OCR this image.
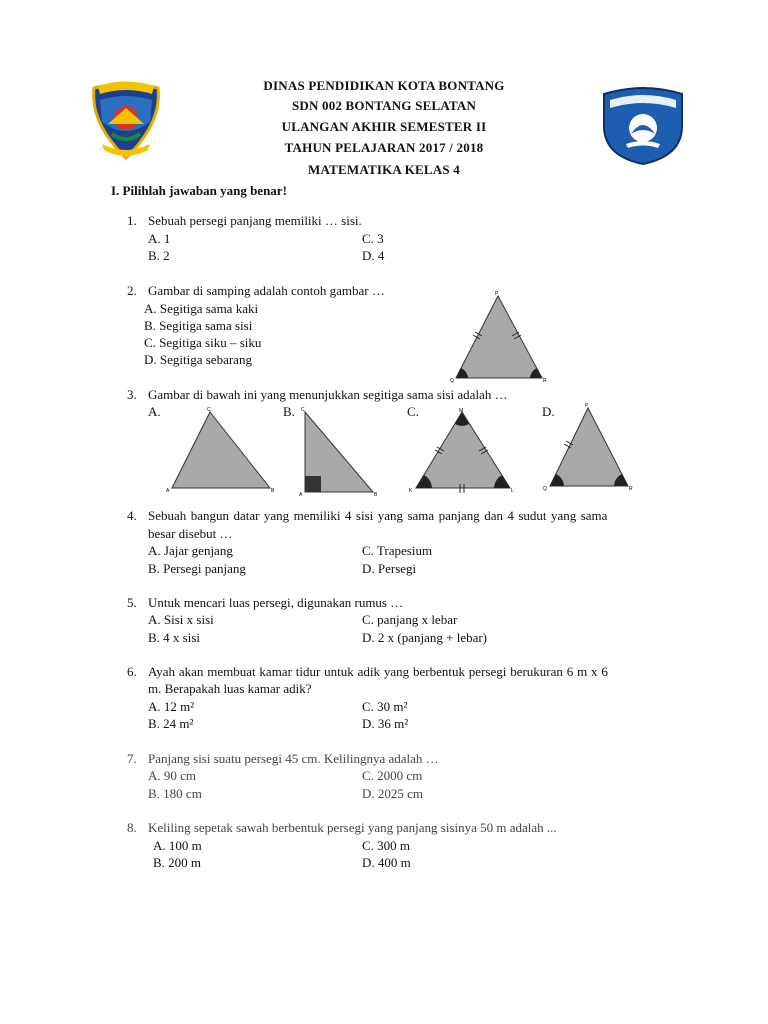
DINAS PENDIDIKAN KOTA BONTANG
SDN 002 BONTANG SELATAN
ULANGAN AKHIR SEMESTER II
TAHUN PELAJARAN 2017 / 2018
MATEMATIKA KELAS 4
I. Pilihlah jawaban yang benar!
1. Sebuah persegi panjang memiliki … sisi.
A. 1	C. 3
B. 2	D. 4
2. Gambar di samping adalah contoh gambar …
A. Segitiga sama kaki
B. Segitiga sama sisi
C. Segitiga siku – siku
D. Segitiga sebarang
P
Q	R
3. Gambar di bawah ini yang menunjukkan segitiga sama sisi adalah …
A.	B.	C.	D.
C
A	B
C
A	B
M
K	L
P
Q	R
4. Sebuah bangun datar yang memiliki 4 sisi yang sama panjang dan 4 sudut yang sama
besar disebut …
A. Jajar genjang	C. Trapesium
B. Persegi panjang	D. Persegi
5. Untuk mencari luas persegi, digunakan rumus …
A. Sisi x sisi	C. panjang x lebar
B. 4 x sisi	D. 2 x (panjang + lebar)
6. Ayah akan membuat kamar tidur untuk adik yang berbentuk persegi berukuran 6 m x 6
m. Berapakah luas kamar adik?
A. 12 m²	C. 30 m²
B. 24 m²	D. 36 m²
7. Panjang sisi suatu persegi 45 cm. Kelilingnya adalah …
A. 90 cm	C. 2000 cm
B. 180 cm	D. 2025 cm
8. Keliling sepetak sawah berbentuk persegi yang panjang sisinya 50 m adalah ...
A. 100 m	C. 300 m
B. 200 m	D. 400 m
